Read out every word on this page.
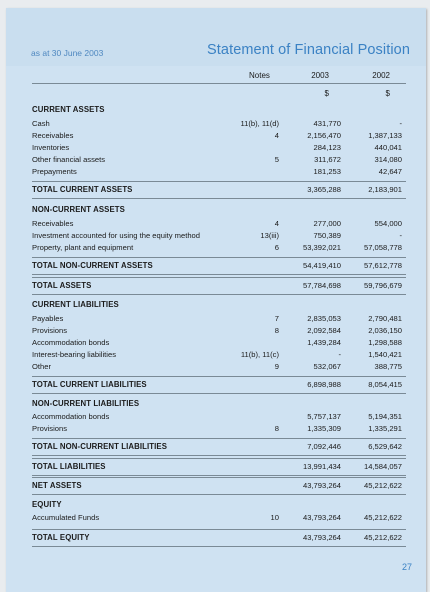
as at 30 June 2003	Statement of Financial Position
Notes	2003	2002
$	$
CURRENT ASSETS
Cash	11(b), 11(d)	431,770	-
Receivables	4	2,156,470	1,387,133
Inventories	284,123	440,041
Other financial assets	5	311,672	314,080
Prepayments	181,253	42,647
TOTAL CURRENT ASSETS	3,365,288	2,183,901
NON-CURRENT ASSETS
Receivables	4	277,000	554,000
Investment accounted for using the equity method	13(iii)	750,389	-
Property, plant and equipment	6	53,392,021	57,058,778
TOTAL NON-CURRENT ASSETS	54,419,410	57,612,778
TOTAL ASSETS	57,784,698	59,796,679
CURRENT LIABILITIES
Payables	7	2,835,053	2,790,481
Provisions	8	2,092,584	2,036,150
Accommodation bonds	1,439,284	1,298,588
Interest-bearing liabilities	11(b), 11(c)	-	1,540,421
Other	9	532,067	388,775
TOTAL CURRENT LIABILITIES	6,898,988	8,054,415
NON-CURRENT LIABILITIES
Accommodation bonds	5,757,137	5,194,351
Provisions	8	1,335,309	1,335,291
TOTAL NON-CURRENT LIABILITIES	7,092,446	6,529,642
TOTAL LIABILITIES	13,991,434	14,584,057
NET ASSETS	43,793,264	45,212,622
EQUITY
Accumulated Funds	10	43,793,264	45,212,622
TOTAL EQUITY	43,793,264	45,212,622
27
